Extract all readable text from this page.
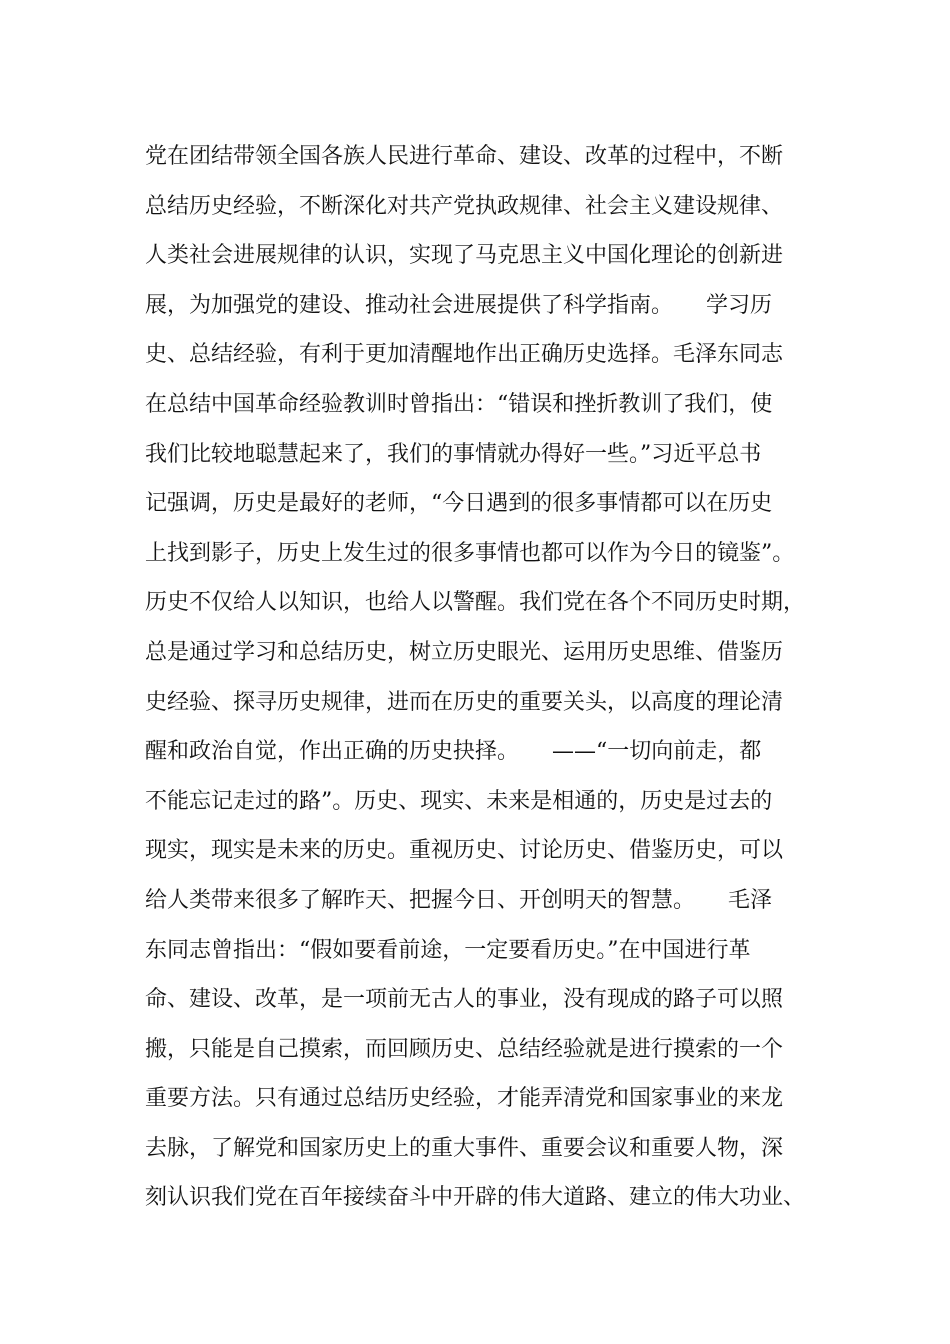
党在团结带领全国各族人民进行革命、建设、改革的过程中，不断
总结历史经验，不断深化对共产党执政规律、社会主义建设规律、
人类社会进展规律的认识，实现了马克思主义中国化理论的创新进
展，为加强党的建设、推动社会进展提供了科学指南。　　学习历
史、总结经验，有利于更加清醒地作出正确历史选择。毛泽东同志
在总结中国革命经验教训时曾指出：“错误和挫折教训了我们，使
我们比较地聪慧起来了，我们的事情就办得好一些。”习近平总书
记强调，历史是最好的老师，“今日遇到的很多事情都可以在历史
上找到影子，历史上发生过的很多事情也都可以作为今日的镜鉴”。
历史不仅给人以知识，也给人以警醒。我们党在各个不同历史时期，
总是通过学习和总结历史，树立历史眼光、运用历史思维、借鉴历
史经验、探寻历史规律，进而在历史的重要关头，以高度的理论清
醒和政治自觉，作出正确的历史抉择。　　——“一切向前走，都
不能忘记走过的路”。历史、现实、未来是相通的，历史是过去的
现实，现实是未来的历史。重视历史、讨论历史、借鉴历史，可以
给人类带来很多了解昨天、把握今日、开创明天的智慧。　　毛泽
东同志曾指出：“假如要看前途，一定要看历史。”在中国进行革
命、建设、改革，是一项前无古人的事业，没有现成的路子可以照
搬，只能是自己摸索，而回顾历史、总结经验就是进行摸索的一个
重要方法。只有通过总结历史经验，才能弄清党和国家事业的来龙
去脉，了解党和国家历史上的重大事件、重要会议和重要人物，深
刻认识我们党在百年接续奋斗中开辟的伟大道路、建立的伟大功业、
